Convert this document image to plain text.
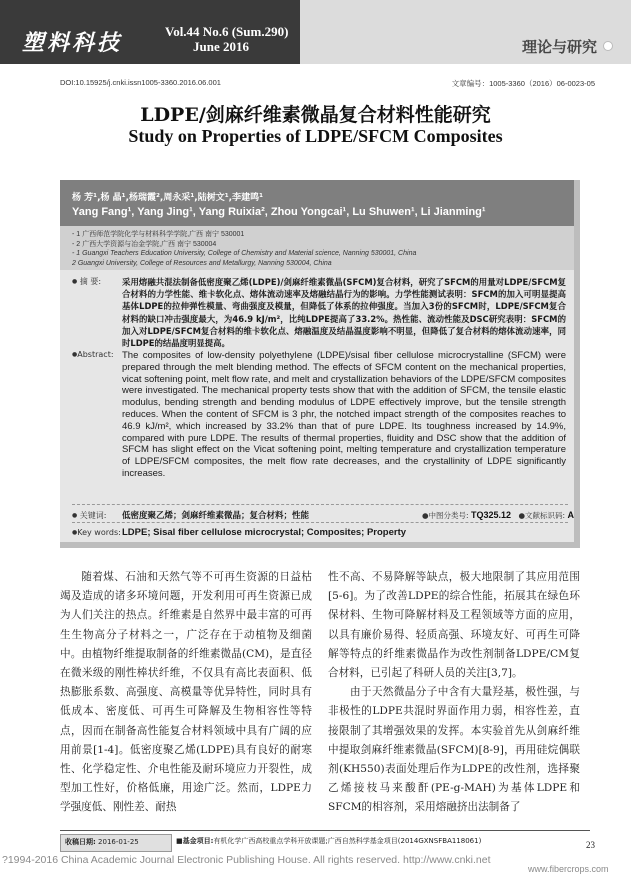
塑料科技	Vol.44 No.6 (Sum.290)
June 2016	理论与研究
DOI:10.15925/j.cnki.issn1005-3360.2016.06.001	文章编号：1005-3360（2016）06-0023-05
LDPE/剑麻纤维素微晶复合材料性能研究
Study on Properties of LDPE/SFCM Composites
杨 芳¹,杨 晶¹,杨瑞霞²,周永采¹,陆树文¹,李建鸣¹
Yang Fang¹, Yang Jing¹, Yang Ruixia², Zhou Yongcai¹, Lu Shuwen¹, Li Jianming¹
- 1 广西师范学院化学与材料科学学院,广西 南宁 530001
- 2 广西大学资源与冶金学院,广西 南宁 530004
- 1 Guangxi Teachers Education University, College of Chemistry and Material science, Nanning 530001, China
2 Guangxi University, College of Resources and Metallurgy, Nanning 530004, China
● 摘 要: 采用熔融共混法制备低密度聚乙烯(LDPE)/剑麻纤维素微晶(SFCM)复合材料，研究了SFCM的用量对LDPE/SFCM复合材料的力学性能、维卡软化点、熔体流动速率及熔融结晶行为的影响。力学性能测试表明：SFCM的加入可明显提高基体LDPE的拉伸弹性模量、弯曲强度及模量，但降低了体系的拉伸强度。当加入3份的SFCM时，LDPE/SFCM复合材料的缺口冲击强度最大，为46.9 kJ/m²，比纯LDPE提高了33.2%。热性能、流动性能及DSC研究表明：SFCM的加入对LDPE/SFCM复合材料的维卡软化点、熔融温度及结晶温度影响不明显，但降低了复合材料的熔体流动速率，同时LDPE的结晶度明显提高。
●Abstract: The composites of low-density polyethylene (LDPE)/sisal fiber cellulose microcrystalline (SFCM) were prepared through the melt blending method. The effects of SFCM content on the mechanical properties, vicat softening point, melt flow rate, and melt and crystallization behaviors of the LDPE/SFCM composites were investigated. The mechanical property tests show that with the addition of SFCM, the tensile elastic modulus, bending strength and bending modulus of LDPE effectively improve, but the tensile strength reduces. When the content of SFCM is 3 phr, the notched impact strength of the composites reaches to 46.9 kJ/m², which increased by 33.2% than that of pure LDPE. Its toughness increased by 14.9%, compared with pure LDPE. The results of thermal properties, fluidity and DSC show that the addition of SFCM has slight effect on the Vicat softening point, melting temperature and crystallization temperature of LDPE/SFCM composites, the melt flow rate decreases, and the crystallinity of LDPE significantly increases.
● 关键词: 低密度聚乙烯；剑麻纤维素微晶；复合材料；性能	●中图分类号: TQ325.12　 ●文献标识码: A
●Key words: LDPE; Sisal fiber cellulose microcrystal; Composites; Property
随着煤、石油和天然气等不可再生资源的日益枯竭及造成的诸多环境问题，开发利用可再生资源已成为人们关注的热点。纤维素是自然界中最丰富的可再生生物高分子材料之一，广泛存在于动植物及细菌中。由植物纤维提取制备的纤维素微晶(CM)，是直径在微米级的刚性棒状纤维，不仅具有高比表面积、低热膨胀系数、高强度、高模量等优异特性，同时具有低成本、密度低、可再生可降解及生物相容性等特点，因而在制备高性能复合材料领域中具有广阔的应用前景[1-4]。低密度聚乙烯(LDPE)具有良好的耐寒性、化学稳定性、介电性能及耐环境应力开裂性，成型加工性好，价格低廉，用途广泛。然而，LDPE力学强度低、刚性差、耐热
性不高、不易降解等缺点，极大地限制了其应用范围[5-6]。为了改善LDPE的综合性能，拓展其在绿色环保材料、生物可降解材料及工程领域等方面的应用，以具有廉价易得、轻质高强、环境友好、可再生可降解等特点的纤维素微晶作为改性剂制备LDPE/CM复合材料，已引起了科研人员的关注[3,7]。
　　由于天然微晶分子中含有大量羟基，极性强，与非极性的LDPE共混时界面作用力弱，相容性差，直接限制了其增强效果的发挥。本实验首先从剑麻纤维中提取剑麻纤维素微晶(SFCM)[8-9]，再用硅烷偶联剂(KH550)表面处理后作为LDPE的改性剂，选择聚乙烯接枝马来酸酐(PE-g-MAH)为基体LDPE和SFCM的相容剂，采用熔融挤出法制备了
收稿日期: 2016-01-25	■基金项目:有机化学广西高校重点学科开放课题;广西自然科学基金项目(2014GXNSFBA118061)	23
?1994-2016 China Academic Journal Electronic Publishing House. All rights reserved. http://www.cnki.net
www.fibercrops.com
